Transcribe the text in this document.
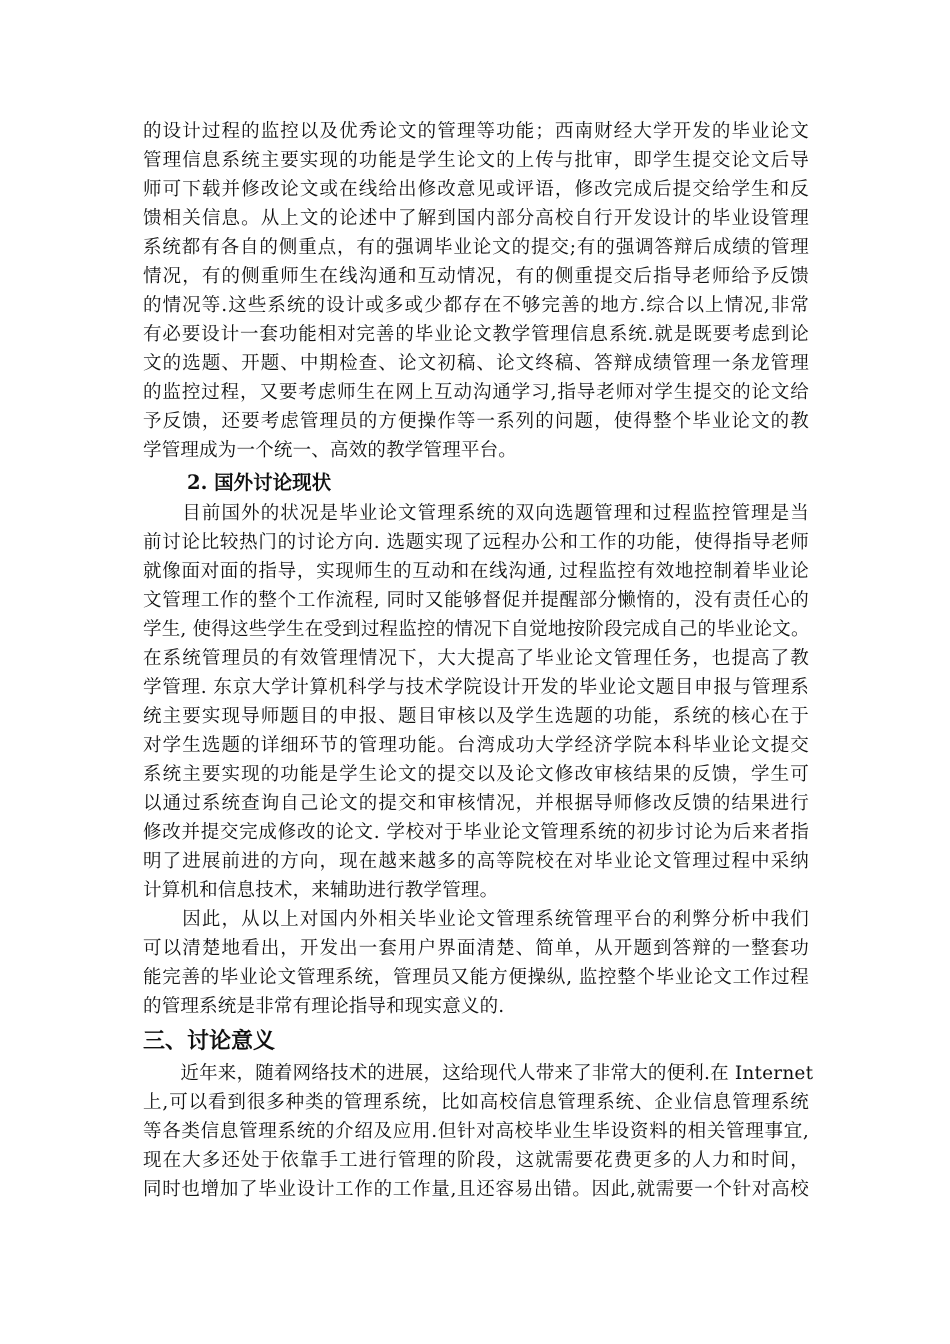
的设计过程的监控以及优秀论文的管理等功能；西南财经大学开发的毕业论文
管理信息系统主要实现的功能是学生论文的上传与批审，即学生提交论文后导
师可下载并修改论文或在线给出修改意见或评语，修改完成后提交给学生和反
馈相关信息。从上文的论述中了解到国内部分高校自行开发设计的毕业设管理
系统都有各自的侧重点，有的强调毕业论文的提交;有的强调答辩后成绩的管理
情况，有的侧重师生在线沟通和互动情况，有的侧重提交后指导老师给予反馈
的情况等.这些系统的设计或多或少都存在不够完善的地方.综合以上情况,非常
有必要设计一套功能相对完善的毕业论文教学管理信息系统.就是既要考虑到论
文的选题、开题、中期检查、论文初稿、论文终稿、答辩成绩管理一条龙管理
的监控过程，又要考虑师生在网上互动沟通学习,指导老师对学生提交的论文给
予反馈，还要考虑管理员的方便操作等一系列的问题，使得整个毕业论文的教
学管理成为一个统一、高效的教学管理平台。
2. 国外讨论现状
　　目前国外的状况是毕业论文管理系统的双向选题管理和过程监控管理是当
前讨论比较热门的讨论方向. 选题实现了远程办公和工作的功能，使得指导老师
就像面对面的指导，实现师生的互动和在线沟通, 过程监控有效地控制着毕业论
文管理工作的整个工作流程, 同时又能够督促并提醒部分懒惰的，没有责任心的
学生, 使得这些学生在受到过程监控的情况下自觉地按阶段完成自己的毕业论文。
在系统管理员的有效管理情况下，大大提高了毕业论文管理任务，也提高了教
学管理. 东京大学计算机科学与技术学院设计开发的毕业论文题目申报与管理系
统主要实现导师题目的申报、题目审核以及学生选题的功能，系统的核心在于
对学生选题的详细环节的管理功能。台湾成功大学经济学院本科毕业论文提交
系统主要实现的功能是学生论文的提交以及论文修改审核结果的反馈，学生可
以通过系统查询自己论文的提交和审核情况，并根据导师修改反馈的结果进行
修改并提交完成修改的论文. 学校对于毕业论文管理系统的初步讨论为后来者指
明了进展前进的方向，现在越来越多的高等院校在对毕业论文管理过程中采纳
计算机和信息技术，来辅助进行教学管理。
　　因此，从以上对国内外相关毕业论文管理系统管理平台的利弊分析中我们
可以清楚地看出，开发出一套用户界面清楚、简单，从开题到答辩的一整套功
能完善的毕业论文管理系统，管理员又能方便操纵, 监控整个毕业论文工作过程
的管理系统是非常有理论指导和现实意义的.
三、讨论意义
　　近年来，随着网络技术的进展，这给现代人带来了非常大的便利.在 Internet
上,可以看到很多种类的管理系统，比如高校信息管理系统、企业信息管理系统
等各类信息管理系统的介绍及应用.但针对高校毕业生毕设资料的相关管理事宜,
现在大多还处于依靠手工进行管理的阶段，这就需要花费更多的人力和时间，
同时也增加了毕业设计工作的工作量,且还容易出错。因此,就需要一个针对高校
